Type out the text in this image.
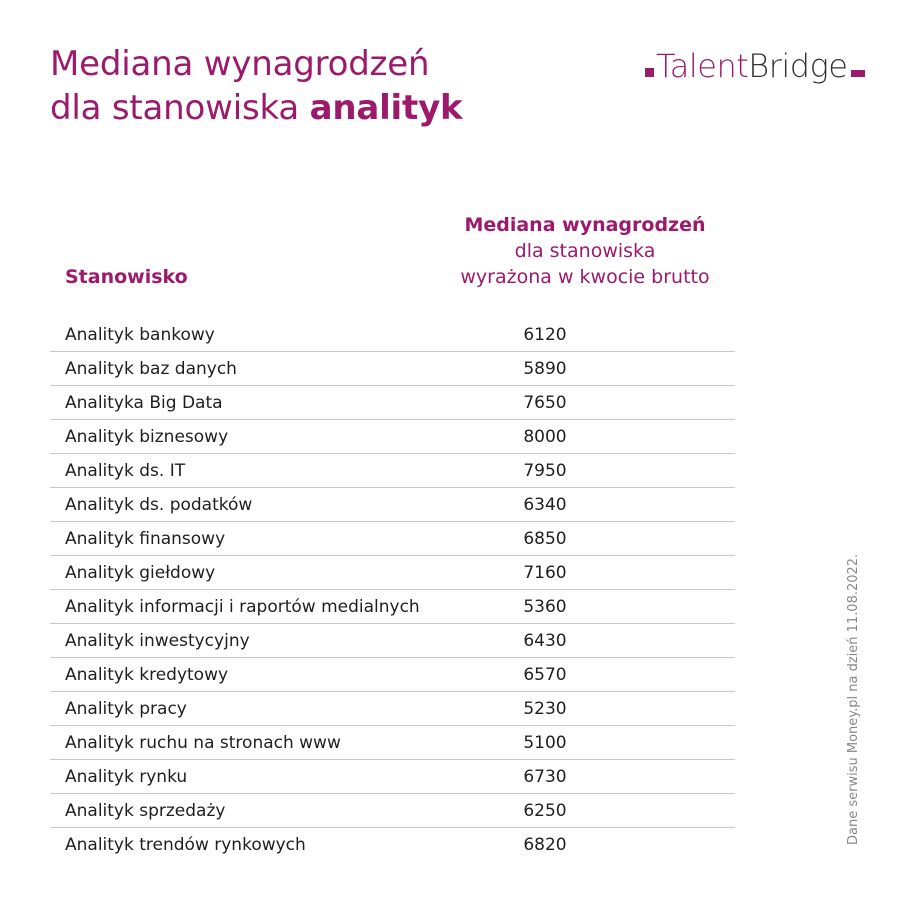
Mediana wynagrodzeń
dla stanowiska analityk
TalentBridge
Stanowisko
Mediana wynagrodzeń
dla stanowiska
wyrażona w kwocie brutto
Analityk bankowy	6120
Analityk baz danych	5890
Analityka Big Data	7650
Analityk biznesowy	8000
Analityk ds. IT	7950
Analityk ds. podatków	6340
Analityk finansowy	6850
Analityk giełdowy	7160
Analityk informacji i raportów medialnych	5360
Analityk inwestycyjny	6430
Analityk kredytowy	6570
Analityk pracy	5230
Analityk ruchu na stronach www	5100
Analityk rynku	6730
Analityk sprzedaży	6250
Analityk trendów rynkowych	6820	Dane serwisu Money.pl na dzień 11.08.2022.
